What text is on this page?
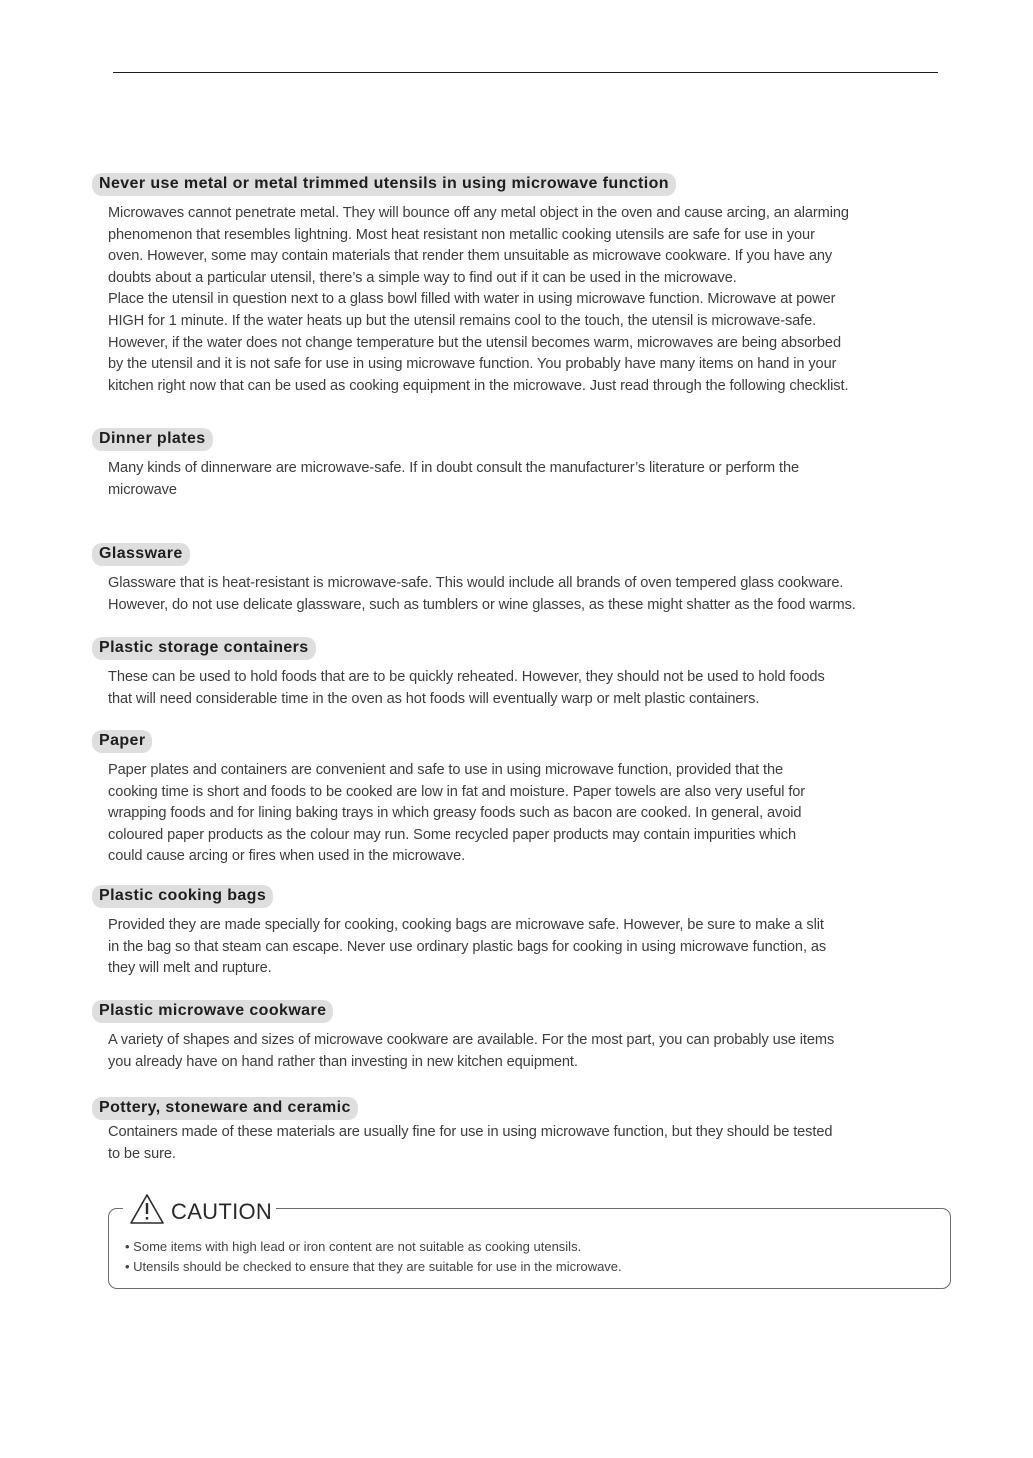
Never use metal or metal trimmed utensils in using microwave function
Microwaves cannot penetrate metal. They will bounce off any metal object in the oven and cause arcing, an alarming
phenomenon that resembles lightning. Most heat resistant non metallic cooking utensils are safe for use in your
oven. However, some may contain materials that render them unsuitable as microwave cookware. If you have any
doubts about a particular utensil, there’s a simple way to find out if it can be used in the microwave.
Place the utensil in question next to a glass bowl filled with water in using microwave function. Microwave at power
HIGH for 1 minute. If the water heats up but the utensil remains cool to the touch, the utensil is microwave-safe.
However, if the water does not change temperature but the utensil becomes warm, microwaves are being absorbed
by the utensil and it is not safe for use in using microwave function. You probably have many items on hand in your
kitchen right now that can be used as cooking equipment in the microwave. Just read through the following checklist.
Dinner plates
Many kinds of dinnerware are microwave-safe. If in doubt consult the manufacturer’s literature or perform the
microwave
Glassware
Glassware that is heat-resistant is microwave-safe. This would include all brands of oven tempered glass cookware.
However, do not use delicate glassware, such as tumblers or wine glasses, as these might shatter as the food warms.
Plastic storage containers
These can be used to hold foods that are to be quickly reheated. However, they should not be used to hold foods
that will need considerable time in the oven as hot foods will eventually warp or melt plastic containers.
Paper
Paper plates and containers are convenient and safe to use in using microwave function, provided that the
cooking time is short and foods to be cooked are low in fat and moisture. Paper towels are also very useful for
wrapping foods and for lining baking trays in which greasy foods such as bacon are cooked. In general, avoid
coloured paper products as the colour may run. Some recycled paper products may contain impurities which
could cause arcing or fires when used in the microwave.
Plastic cooking bags
Provided they are made specially for cooking, cooking bags are microwave safe. However, be sure to make a slit
in the bag so that steam can escape. Never use ordinary plastic bags for cooking in using microwave function, as
they will melt and rupture.
Plastic microwave cookware
A variety of shapes and sizes of microwave cookware are available. For the most part, you can probably use items
you already have on hand rather than investing in new kitchen equipment.
Pottery, stoneware and ceramic
Containers made of these materials are usually fine for use in using microwave function, but they should be tested
to be sure.
CAUTION
• Some items with high lead or iron content are not suitable as cooking utensils.
• Utensils should be checked to ensure that they are suitable for use in the microwave.
